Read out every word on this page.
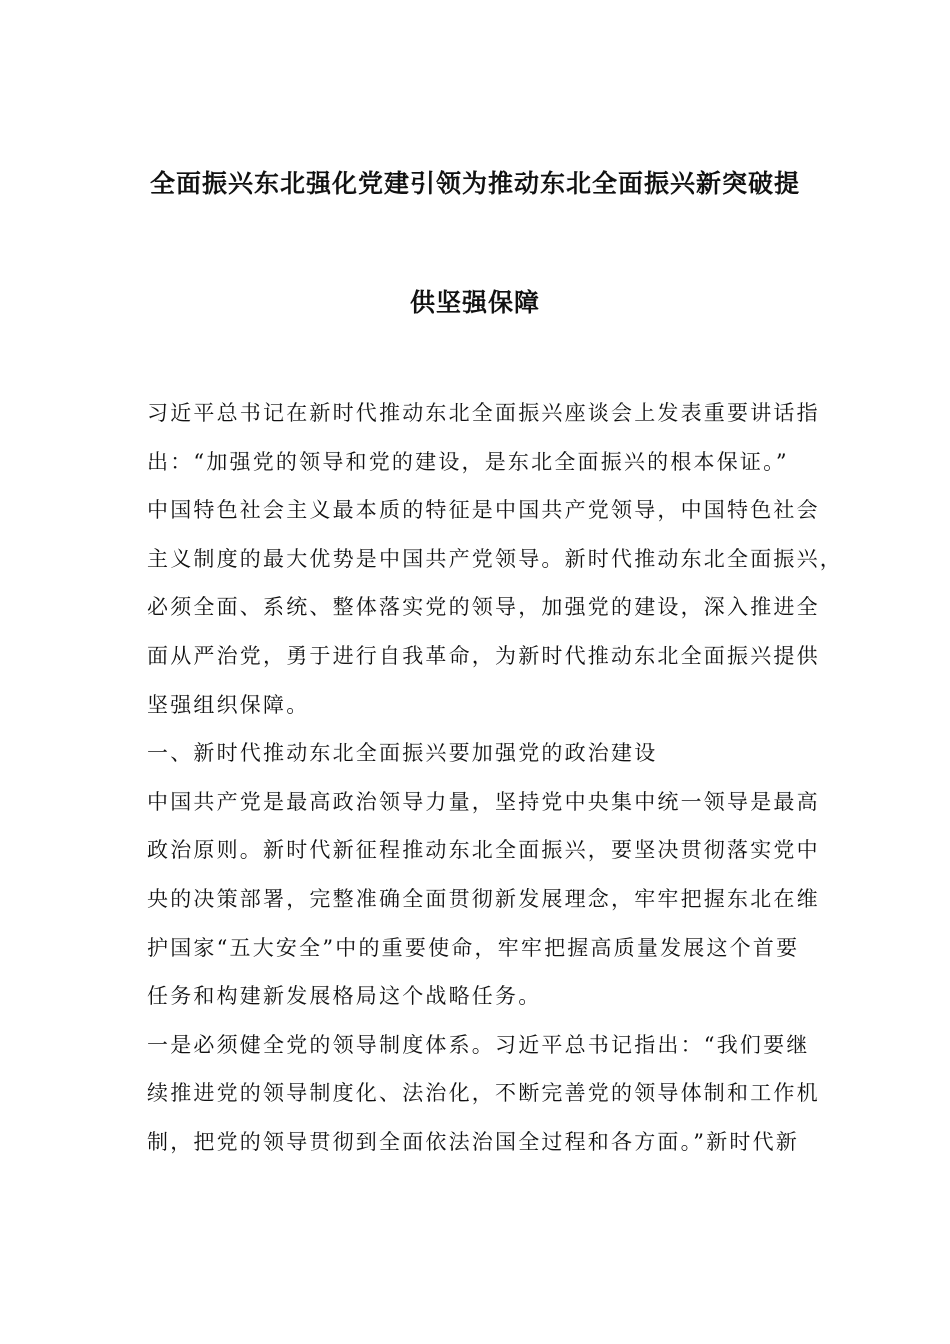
全面振兴东北强化党建引领为推动东北全面振兴新突破提
供坚强保障

习近平总书记在新时代推动东北全面振兴座谈会上发表重要讲话指

出：“加强党的领导和党的建设，是东北全面振兴的根本保证。”

中国特色社会主义最本质的特征是中国共产党领导，中国特色社会

主义制度的最大优势是中国共产党领导。新时代推动东北全面振兴，

必须全面、系统、整体落实党的领导，加强党的建设，深入推进全

面从严治党，勇于进行自我革命，为新时代推动东北全面振兴提供

坚强组织保障。

一、新时代推动东北全面振兴要加强党的政治建设

中国共产党是最高政治领导力量，坚持党中央集中统一领导是最高

政治原则。新时代新征程推动东北全面振兴，要坚决贯彻落实党中

央的决策部署，完整准确全面贯彻新发展理念，牢牢把握东北在维

护国家“五大安全”中的重要使命，牢牢把握高质量发展这个首要

任务和构建新发展格局这个战略任务。

一是必须健全党的领导制度体系。习近平总书记指出：“我们要继

续推进党的领导制度化、法治化，不断完善党的领导体制和工作机

制，把党的领导贯彻到全面依法治国全过程和各方面。”新时代新
